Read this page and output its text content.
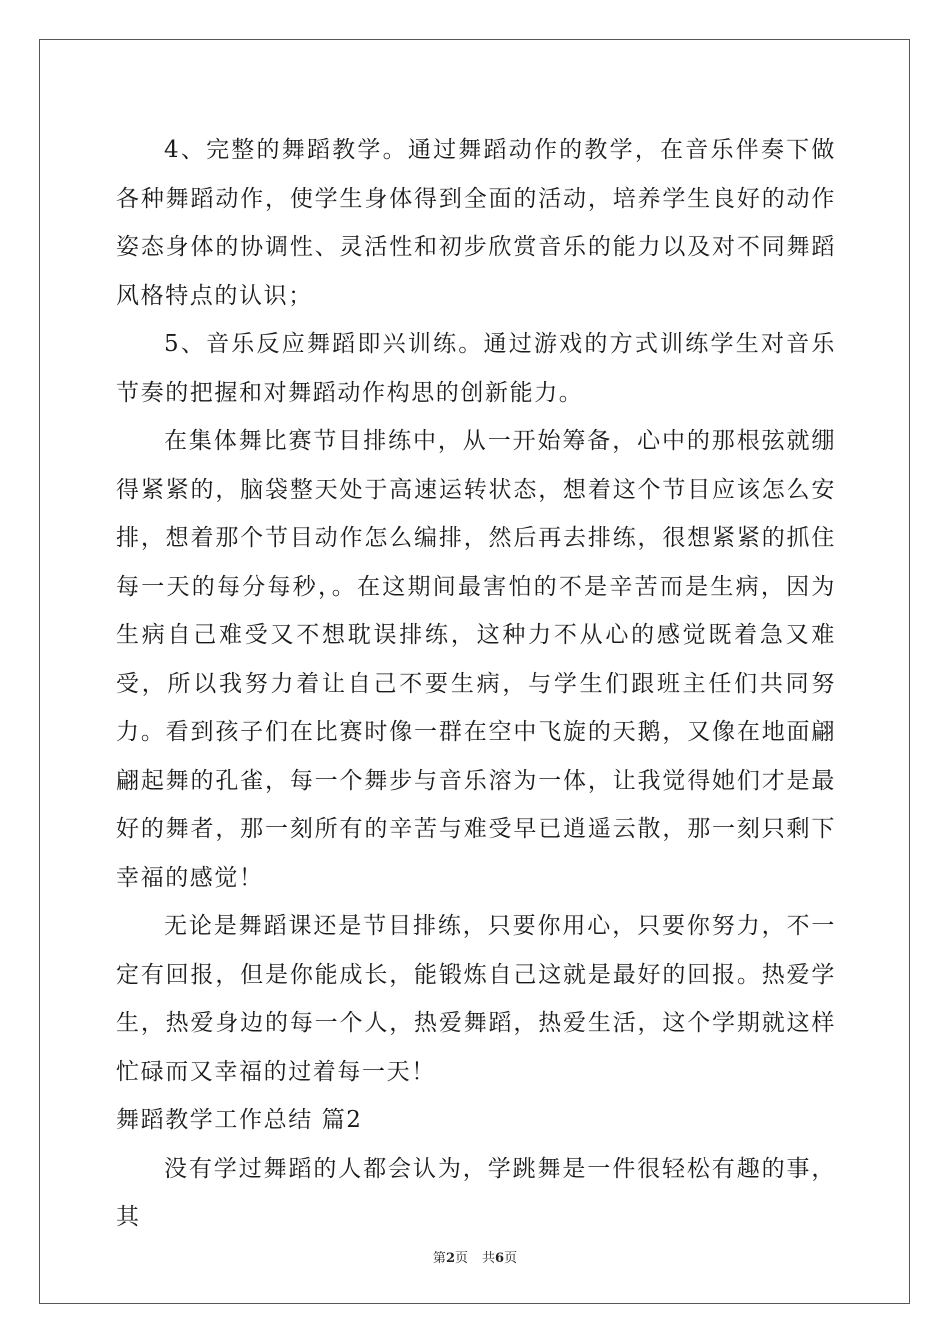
4、完整的舞蹈教学。通过舞蹈动作的教学，在音乐伴奏下做各种舞蹈动作，使学生身体得到全面的活动，培养学生良好的动作姿态身体的协调性、灵活性和初步欣赏音乐的能力以及对不同舞蹈风格特点的认识；

5、音乐反应舞蹈即兴训练。通过游戏的方式训练学生对音乐节奏的把握和对舞蹈动作构思的创新能力。

在集体舞比赛节目排练中，从一开始筹备，心中的那根弦就绷得紧紧的，脑袋整天处于高速运转状态，想着这个节目应该怎么安排，想着那个节目动作怎么编排，然后再去排练，很想紧紧的抓住每一天的每分每秒，。在这期间最害怕的不是辛苦而是生病，因为生病自己难受又不想耽误排练，这种力不从心的感觉既着急又难受，所以我努力着让自己不要生病，与学生们跟班主任们共同努力。看到孩子们在比赛时像一群在空中飞旋的天鹅，又像在地面翩翩起舞的孔雀，每一个舞步与音乐溶为一体，让我觉得她们才是最好的舞者，那一刻所有的辛苦与难受早已逍遥云散，那一刻只剩下幸福的感觉！

无论是舞蹈课还是节目排练，只要你用心，只要你努力，不一定有回报，但是你能成长，能锻炼自己这就是最好的回报。热爱学生，热爱身边的每一个人，热爱舞蹈，热爱生活，这个学期就这样忙碌而又幸福的过着每一天！

舞蹈教学工作总结 篇2

没有学过舞蹈的人都会认为，学跳舞是一件很轻松有趣的事，其

第2页 共6页
